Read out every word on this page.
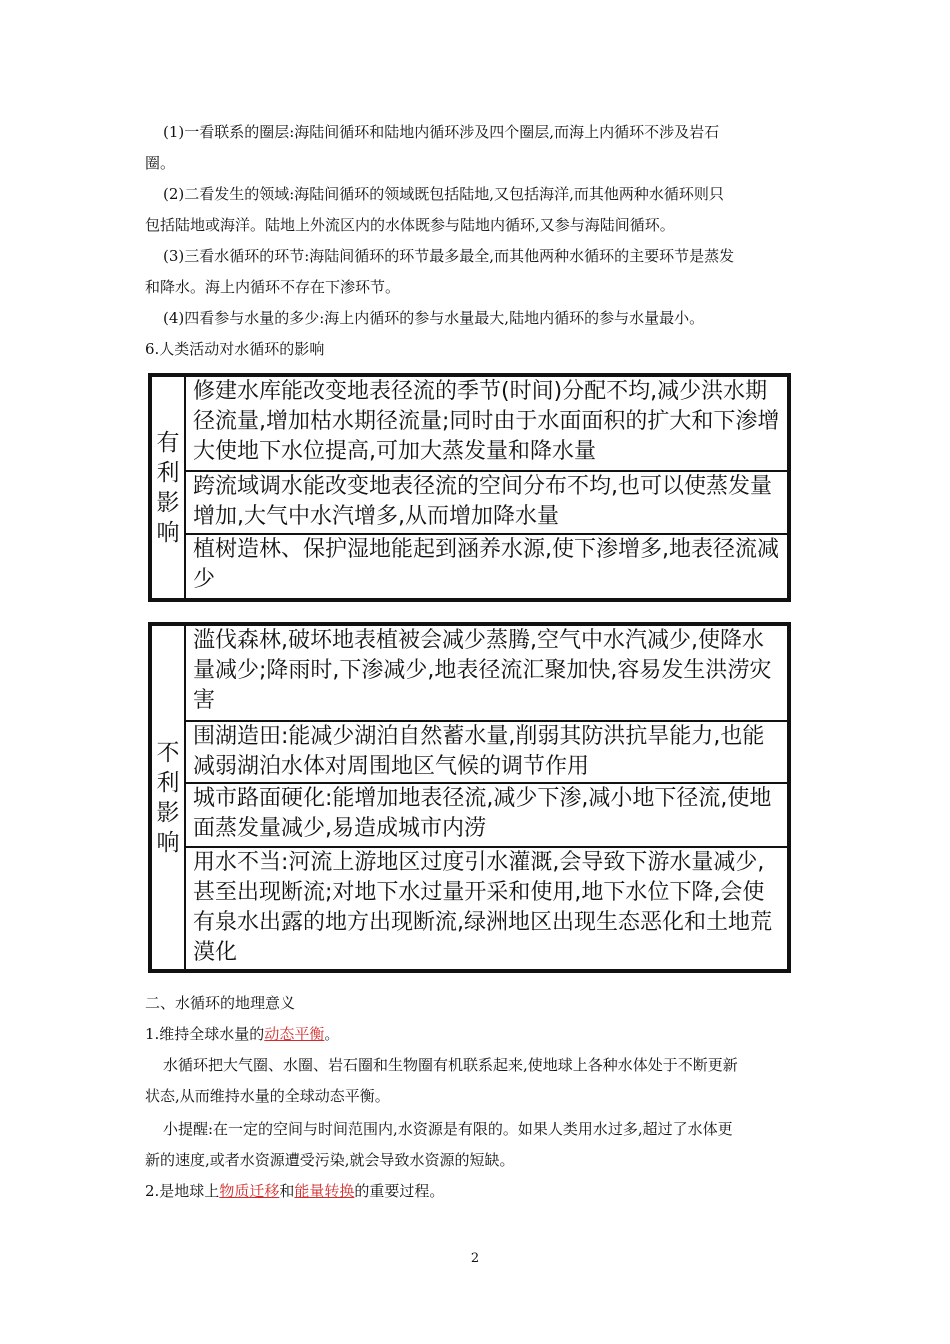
(1)一看联系的圈层:海陆间循环和陆地内循环涉及四个圈层,而海上内循环不涉及岩石
圈。
(2)二看发生的领域:海陆间循环的领域既包括陆地,又包括海洋,而其他两种水循环则只
包括陆地或海洋。陆地上外流区内的水体既参与陆地内循环,又参与海陆间循环。
(3)三看水循环的环节:海陆间循环的环节最多最全,而其他两种水循环的主要环节是蒸发
和降水。海上内循环不存在下渗环节。
(4)四看参与水量的多少:海上内循环的参与水量最大,陆地内循环的参与水量最小。
6.人类活动对水循环的影响
有利影响
修建水库能改变地表径流的季节(时间)分配不均,减少洪水期
径流量,增加枯水期径流量;同时由于水面面积的扩大和下渗增
大使地下水位提高,可加大蒸发量和降水量
跨流域调水能改变地表径流的空间分布不均,也可以使蒸发量
增加,大气中水汽增多,从而增加降水量
植树造林、保护湿地能起到涵养水源,使下渗增多,地表径流减
少
不利影响
滥伐森林,破坏地表植被会减少蒸腾,空气中水汽减少,使降水
量减少;降雨时,下渗减少,地表径流汇聚加快,容易发生洪涝灾
害
围湖造田:能减少湖泊自然蓄水量,削弱其防洪抗旱能力,也能
减弱湖泊水体对周围地区气候的调节作用
城市路面硬化:能增加地表径流,减少下渗,减小地下径流,使地
面蒸发量减少,易造成城市内涝
用水不当:河流上游地区过度引水灌溉,会导致下游水量减少,
甚至出现断流;对地下水过量开采和使用,地下水位下降,会使
有泉水出露的地方出现断流,绿洲地区出现生态恶化和土地荒
漠化
二、水循环的地理意义
1.维持全球水量的动态平衡。
水循环把大气圈、水圈、岩石圈和生物圈有机联系起来,使地球上各种水体处于不断更新
状态,从而维持水量的全球动态平衡。
小提醒:在一定的空间与时间范围内,水资源是有限的。如果人类用水过多,超过了水体更
新的速度,或者水资源遭受污染,就会导致水资源的短缺。
2.是地球上物质迁移和能量转换的重要过程。
2
